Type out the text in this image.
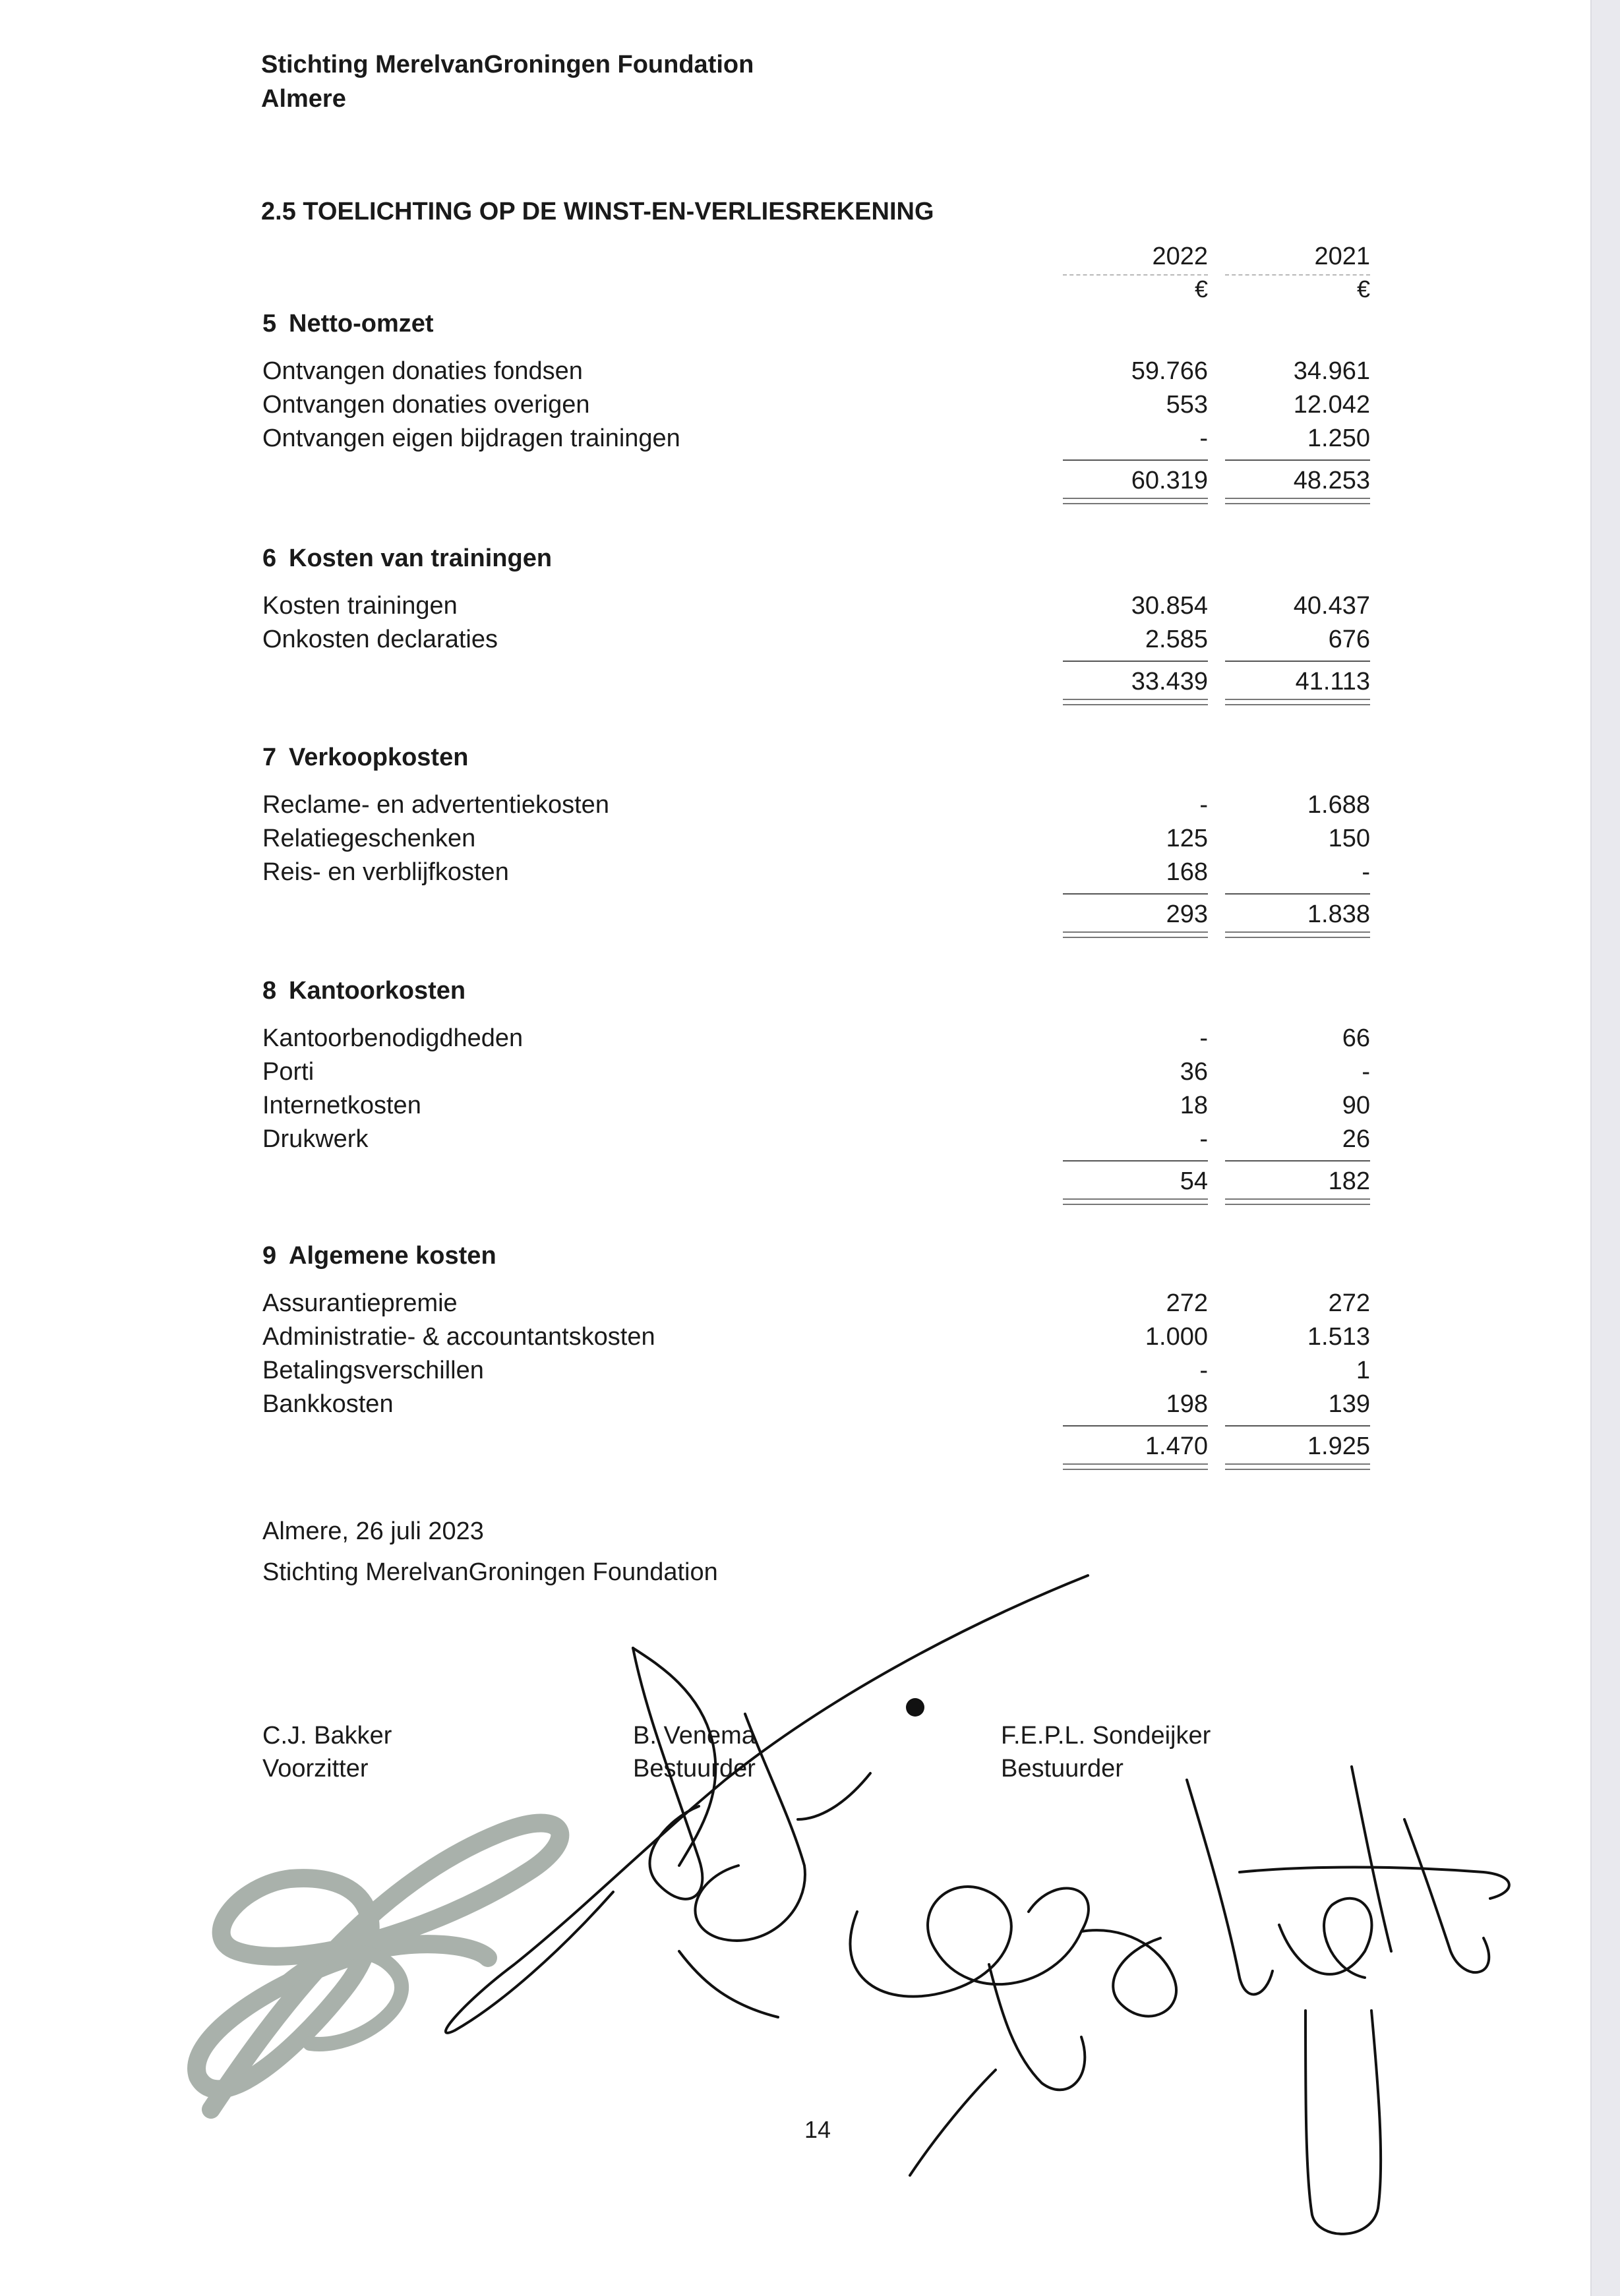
Stichting MerelvanGroningen Foundation
Almere
2.5 TOELICHTING OP DE WINST-EN-VERLIESREKENING
2022
€
2021
€
5 Netto-omzet
Ontvangen donaties fondsen	59.766	34.961
Ontvangen donaties overigen	553	12.042
Ontvangen eigen bijdragen trainingen	-	1.250
60.319	48.253
6 Kosten van trainingen
Kosten trainingen	30.854	40.437
Onkosten declaraties	2.585	676
33.439	41.113
7 Verkoopkosten
Reclame- en advertentiekosten	-	1.688
Relatiegeschenken	125	150
Reis- en verblijfkosten	168	-
293	1.838
8 Kantoorkosten
Kantoorbenodigdheden	-	66
Porti	36	-
Internetkosten	18	90
Drukwerk	-	26
54	182
9 Algemene kosten
Assurantiepremie	272	272
Administratie- & accountantskosten	1.000	1.513
Betalingsverschillen	-	1
Bankkosten	198	139
1.470	1.925
Almere, 26 juli 2023
Stichting MerelvanGroningen Foundation
C.J. Bakker
Voorzitter
B. Venema
Bestuurder
F.E.P.L. Sondeijker
Bestuurder
14
